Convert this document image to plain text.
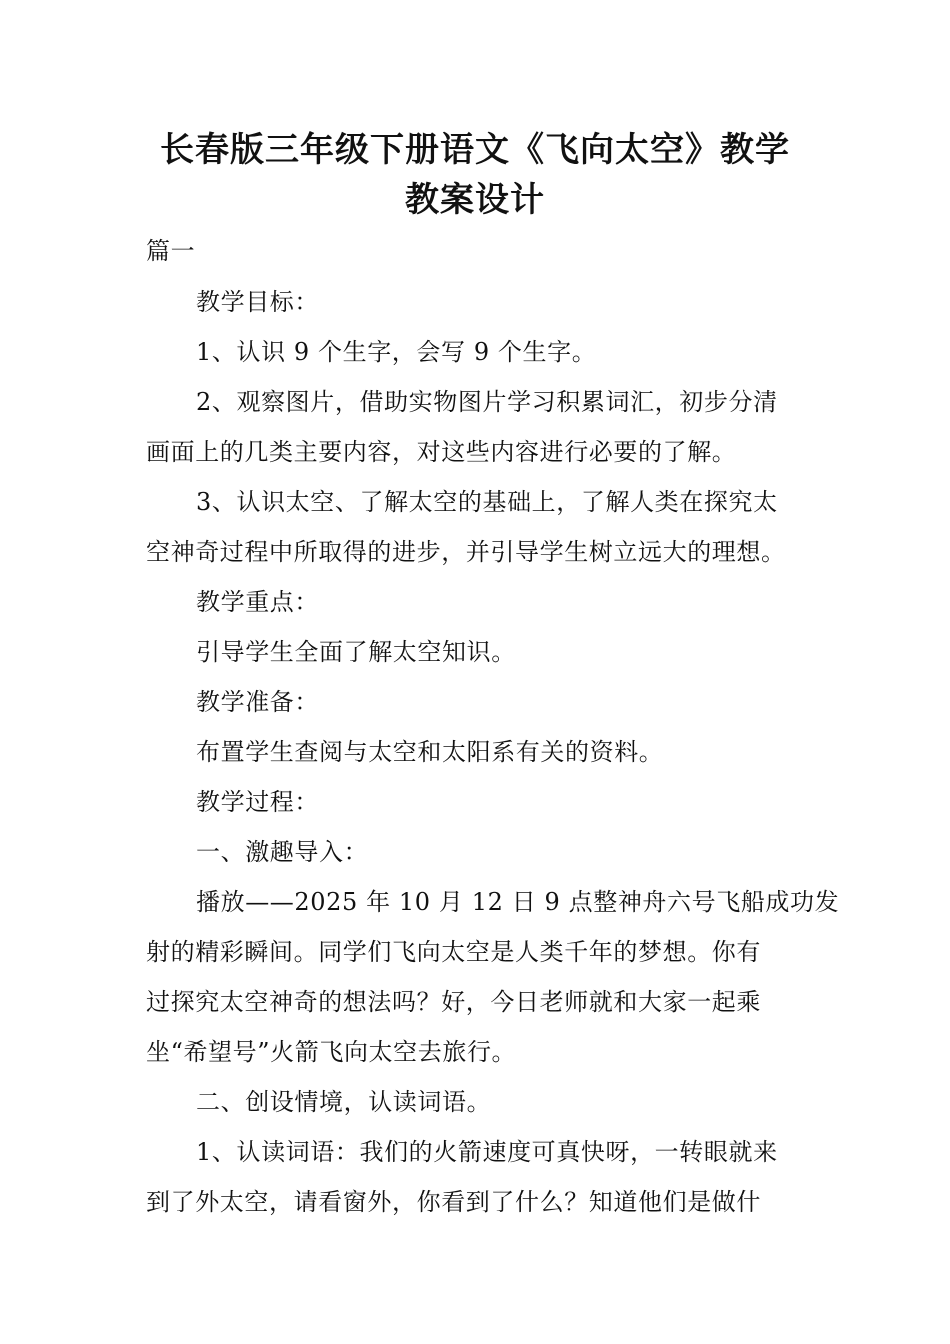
长春版三年级下册语文《飞向太空》教学
教案设计
篇一
教学目标：
1、认识 9 个生字，会写 9 个生字。
2、观察图片，借助实物图片学习积累词汇，初步分清
画面上的几类主要内容，对这些内容进行必要的了解。
3、认识太空、了解太空的基础上，了解人类在探究太
空神奇过程中所取得的进步，并引导学生树立远大的理想。
教学重点：
引导学生全面了解太空知识。
教学准备：
布置学生查阅与太空和太阳系有关的资料。
教学过程：
一、激趣导入：
播放——2025 年 10 月 12 日 9 点整神舟六号飞船成功发
射的精彩瞬间。同学们飞向太空是人类千年的梦想。你有
过探究太空神奇的想法吗？好，今日老师就和大家一起乘
坐“希望号”火箭飞向太空去旅行。
二、创设情境，认读词语。
1、认读词语：我们的火箭速度可真快呀，一转眼就来
到了外太空，请看窗外，你看到了什么？知道他们是做什
